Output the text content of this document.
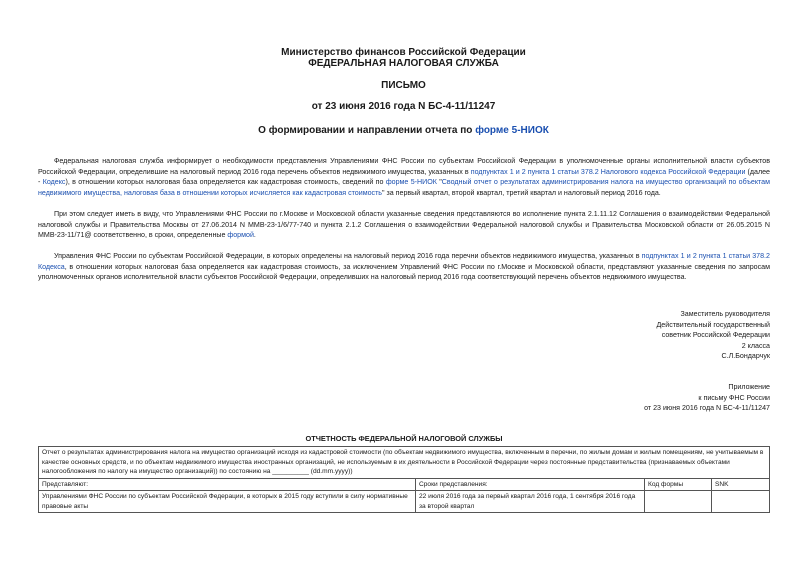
Министерство финансов Российской Федерации
ФЕДЕРАЛЬНАЯ НАЛОГОВАЯ СЛУЖБА
ПИСЬМО
от 23 июня 2016 года N БС-4-11/11247
О формировании и направлении отчета по форме 5-НИОК
Федеральная налоговая служба информирует о необходимости представления Управлениями ФНС России по субъектам Российской Федерации в уполномоченные органы исполнительной власти субъектов Российской Федерации, определившие на налоговый период 2016 года перечень объектов недвижимого имущества, указанных в подпунктах 1 и 2 пункта 1 статьи 378.2 Налогового кодекса Российской Федерации (далее - Кодекс), в отношении которых налоговая база определяется как кадастровая стоимость, сведений по форме 5-НИОК "Сводный отчет о результатах администрирования налога на имущество организаций по объектам недвижимого имущества, налоговая база в отношении которых исчисляется как кадастровая стоимость" за первый квартал, второй квартал, третий квартал и налоговый период 2016 года.
При этом следует иметь в виду, что Управлениями ФНС России по г.Москве и Московской области указанные сведения представляются во исполнение пункта 2.1.11.12 Соглашения о взаимодействии Федеральной налоговой службы и Правительства Москвы от 27.06.2014 N ММВ-23-1/6/77-740 и пункта 2.1.2 Соглашения о взаимодействии Федеральной налоговой службы и Правительства Московской области от 26.05.2015 N ММВ-23-11/71@ соответственно, в сроки, определенные формой.
Управления ФНС России по субъектам Российской Федерации, в которых определены на налоговый период 2016 года перечни объектов недвижимого имущества, указанных в подпунктах 1 и 2 пункта 1 статьи 378.2 Кодекса, в отношении которых налоговая база определяется как кадастровая стоимость, за исключением Управлений ФНС России по г.Москве и Московской области, представляют указанные сведения по запросам уполномоченных органов исполнительной власти субъектов Российской Федерации, определивших на налоговый период 2016 года соответствующий перечень объектов недвижимого имущества.
Заместитель руководителя
Действительный государственный
советник Российской Федерации
2 класса
С.Л.Бондарчук
Приложение
к письму ФНС России
от 23 июня 2016 года N БС-4-11/11247
ОТЧЕТНОСТЬ ФЕДЕРАЛЬНОЙ НАЛОГОВОЙ СЛУЖБЫ
Отчет о результатах администрирования налога на имущество организаций исходя из кадастровой стоимости (по объектам недвижимого имущества, включенным в перечни, по жилым домам и жилым помещениям, не учитываемым в качестве основных средств, и по объектам недвижимого имущества иностранных организаций, не используемым в их деятельности в Российской Федерации через постоянные представительства (признаваемых объектами налогообложения по налогу на имущество организаций)) по состоянию на __________ (dd.mm.yyyy))			
Представляют:	Сроки представления:	Код формы	SNK
Управлениями ФНС России по субъектам Российской Федерации, в которых в 2015 году вступили в силу нормативные правовые акты	22 июля 2016 года за первый квартал 2016 года, 1 сентября 2016 года за второй квартал		
